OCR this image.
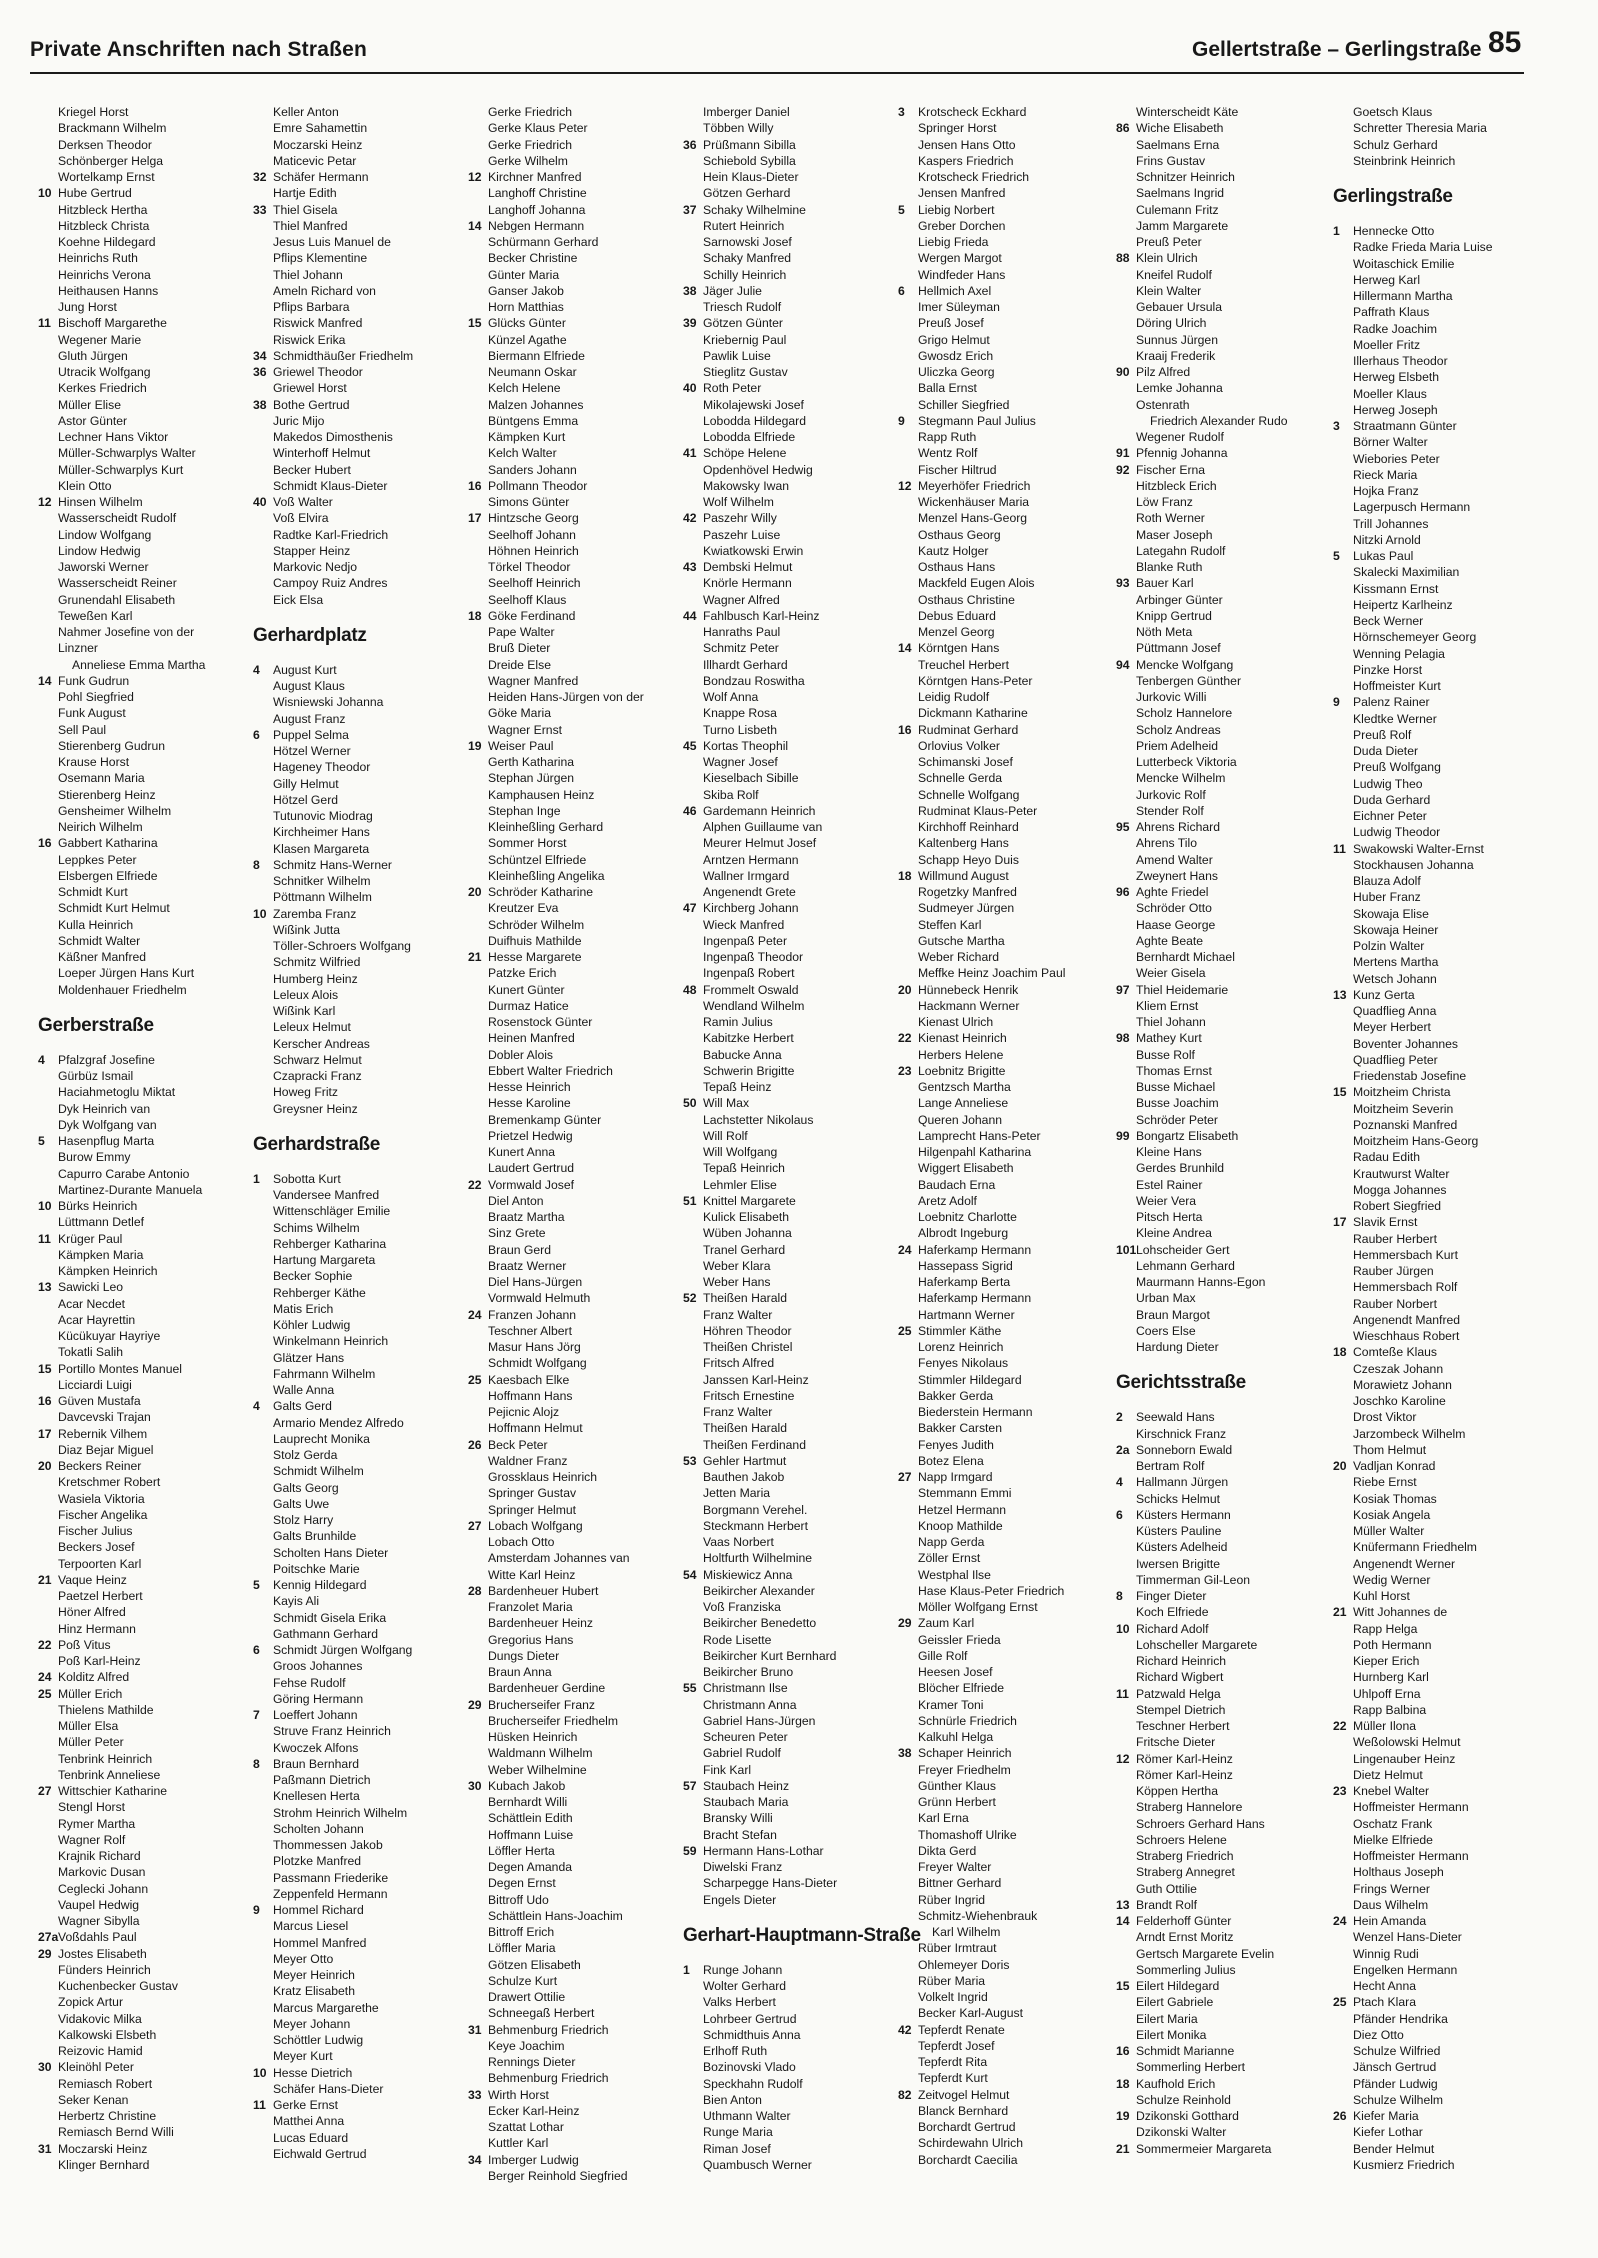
Private Anschriften nach Straßen	Gellertstraße – Gerlingstraße 85
Kriegel Horst
Brackmann Wilhelm
Derksen Theodor
Schönberger Helga
Wortelkamp Ernst
10 Hube Gertrud
Hitzbleck Hertha
Hitzbleck Christa
Koehne Hildegard
Heinrichs Ruth
Heinrichs Verona
Heithausen Hanns
Jung Horst
11 Bischoff Margarethe
Wegener Marie
Gluth Jürgen
Utracik Wolfgang
Kerkes Friedrich
Müller Elise
Astor Günter
Lechner Hans Viktor
Müller-Schwarplys Walter
Müller-Schwarplys Kurt
Klein Otto
12 Hinsen Wilhelm
Wasserscheidt Rudolf
Lindow Wolfgang
Lindow Hedwig
Jaworski Werner
Wasserscheidt Reiner
Grunendahl Elisabeth
Teweßen Karl
Nahmer Josefine von der
Linzner
Anneliese Emma Martha
14 Funk Gudrun
Pohl Siegfried
Funk August
Sell Paul
Stierenberg Gudrun
Krause Horst
Osemann Maria
Stierenberg Heinz
Gensheimer Wilhelm
Neirich Wilhelm
16 Gabbert Katharina
Leppkes Peter
Elsbergen Elfriede
Schmidt Kurt
Schmidt Kurt Helmut
Kulla Heinrich
Schmidt Walter
Käßner Manfred
Loeper Jürgen Hans Kurt
Moldenhauer Friedhelm
Gerberstraße
4 Pfalzgraf Josefine
Gürbüz Ismail
Haciahmetoglu Miktat
Dyk Heinrich van
Dyk Wolfgang van
5 Hasenpflug Marta
Burow Emmy
Capurro Carabe Antonio
Martinez-Durante Manuela
10 Bürks Heinrich
Lüttmann Detlef
11 Krüger Paul
Kämpken Maria
Kämpken Heinrich
13 Sawicki Leo
Acar Necdet
Acar Hayrettin
Kücükuyar Hayriye
Tokatli Salih
15 Portillo Montes Manuel
Licciardi Luigi
16 Güven Mustafa
Davcevski Trajan
17 Rebernik Vilhem
Diaz Bejar Miguel
20 Beckers Reiner
Kretschmer Robert
Wasiela Viktoria
Fischer Angelika
Fischer Julius
Beckers Josef
Terpoorten Karl
21 Vaque Heinz
Paetzel Herbert
Höner Alfred
Hinz Hermann
22 Poß Vitus
Poß Karl-Heinz
24 Kolditz Alfred
25 Müller Erich
Thielens Mathilde
Müller Elsa
Müller Peter
Tenbrink Heinrich
Tenbrink Anneliese
27 Wittschier Katharine
Stengl Horst
Rymer Martha
Wagner Rolf
Krajnik Richard
Markovic Dusan
Ceglecki Johann
Vaupel Hedwig
Wagner Sibylla
27a Voßdahls Paul
29 Jostes Elisabeth
Fünders Heinrich
Kuchenbecker Gustav
Zopick Artur
Vidakovic Milka
Kalkowski Elsbeth
Reizovic Hamid
30 Kleinöhl Peter
Remiasch Robert
Seker Kenan
Herbertz Christine
Remiasch Bernd Willi
31 Moczarski Heinz
Klinger Bernhard
Keller Anton
Emre Sahamettin
Moczarski Heinz
Maticevic Petar
32 Schäfer Hermann
Hartje Edith
33 Thiel Gisela
Thiel Manfred
Jesus Luis Manuel de
Pflips Klementine
Thiel Johann
Ameln Richard von
Pflips Barbara
Riswick Manfred
Riswick Erika
34 Schmidthäußer Friedhelm
36 Griewel Theodor
Griewel Horst
38 Bothe Gertrud
Juric Mijo
Makedos Dimosthenis
Winterhoff Helmut
Becker Hubert
Schmidt Klaus-Dieter
40 Voß Walter
Voß Elvira
Radtke Karl-Friedrich
Stapper Heinz
Markovic Nedjo
Campoy Ruiz Andres
Eick Elsa
Gerhardplatz
4 August Kurt
August Klaus
Wisniewski Johanna
August Franz
6 Puppel Selma
Hötzel Werner
Hageney Theodor
Gilly Helmut
Hötzel Gerd
Tutunovic Miodrag
Kirchheimer Hans
Klasen Margareta
8 Schmitz Hans-Werner
Schnitker Wilhelm
Pöttmann Wilhelm
10 Zaremba Franz
Wißink Jutta
Töller-Schroers Wolfgang
Schmitz Wilfried
Humberg Heinz
Leleux Alois
Wißink Karl
Leleux Helmut
Kerscher Andreas
Schwarz Helmut
Czapracki Franz
Howeg Fritz
Greysner Heinz
Gerhardstraße
1 Sobotta Kurt
Vandersee Manfred
Wittenschläger Emilie
Schims Wilhelm
Rehberger Katharina
Hartung Margareta
Becker Sophie
Rehberger Käthe
Matis Erich
Köhler Ludwig
Winkelmann Heinrich
Glätzer Hans
Fahrmann Wilhelm
Walle Anna
4 Galts Gerd
Armario Mendez Alfredo
Lauprecht Monika
Stolz Gerda
Schmidt Wilhelm
Galts Georg
Galts Uwe
Stolz Harry
Galts Brunhilde
Scholten Hans Dieter
Poitschke Marie
5 Kennig Hildegard
Kayis Ali
Schmidt Gisela Erika
Gathmann Gerhard
6 Schmidt Jürgen Wolfgang
Groos Johannes
Fehse Rudolf
Göring Hermann
7 Loeffert Johann
Struve Franz Heinrich
Kwoczek Alfons
8 Braun Bernhard
Paßmann Dietrich
Knellesen Herta
Strohm Heinrich Wilhelm
Scholten Johann
Thommessen Jakob
Plotzke Manfred
Passmann Friederike
Zeppenfeld Hermann
9 Hommel Richard
Marcus Liesel
Hommel Manfred
Meyer Otto
Meyer Heinrich
Kratz Elisabeth
Marcus Margarethe
Meyer Johann
Schöttler Ludwig
Meyer Kurt
10 Hesse Dietrich
Schäfer Hans-Dieter
11 Gerke Ernst
Matthei Anna
Lucas Eduard
Eichwald Gertrud
Gerke Friedrich
Gerke Klaus Peter
Gerke Friedrich
Gerke Wilhelm
12 Kirchner Manfred
Langhoff Christine
Langhoff Johanna
14 Nebgen Hermann
Schürmann Gerhard
Becker Christine
Günter Maria
Ganser Jakob
Horn Matthias
15 Glücks Günter
Künzel Agathe
Biermann Elfriede
Neumann Oskar
Kelch Helene
Malzen Johannes
Büntgens Emma
Kämpken Kurt
Kelch Walter
Sanders Johann
16 Pollmann Theodor
Simons Günter
17 Hintzsche Georg
Seelhoff Johann
Höhnen Heinrich
Törkel Theodor
Seelhoff Heinrich
Seelhoff Klaus
18 Göke Ferdinand
Pape Walter
Bruß Dieter
Dreide Else
Wagner Manfred
Heiden Hans-Jürgen von der
Göke Maria
Wagner Ernst
19 Weiser Paul
Gerth Katharina
Stephan Jürgen
Kamphausen Heinz
Stephan Inge
Kleinheßling Gerhard
Sommer Horst
Schüntzel Elfriede
Kleinheßling Angelika
20 Schröder Katharine
Kreutzer Eva
Schröder Wilhelm
Duifhuis Mathilde
21 Hesse Margarete
Patzke Erich
Kunert Günter
Durmaz Hatice
Rosenstock Günter
Heinen Manfred
Dobler Alois
Ebbert Walter Friedrich
Hesse Heinrich
Hesse Karoline
Bremenkamp Günter
Prietzel Hedwig
Kunert Anna
Laudert Gertrud
22 Vormwald Josef
Diel Anton
Braatz Martha
Sinz Grete
Braun Gerd
Braatz Werner
Diel Hans-Jürgen
Vormwald Helmuth
24 Franzen Johann
Teschner Albert
Masur Hans Jörg
Schmidt Wolfgang
25 Kaesbach Elke
Hoffmann Hans
Pejicnic Alojz
Hoffmann Helmut
26 Beck Peter
Waldner Franz
Grossklaus Heinrich
Springer Gustav
Springer Helmut
27 Lobach Wolfgang
Lobach Otto
Amsterdam Johannes van
Witte Karl Heinz
28 Bardenheuer Hubert
Franzolet Maria
Bardenheuer Heinz
Gregorius Hans
Dungs Dieter
Braun Anna
Bardenheuer Gerdine
29 Brucherseifer Franz
Brucherseifer Friedhelm
Hüsken Heinrich
Waldmann Wilhelm
Weber Wilhelmine
30 Kubach Jakob
Bernhardt Willi
Schättlein Edith
Hoffmann Luise
Löffler Herta
Degen Amanda
Degen Ernst
Bittroff Udo
Schättlein Hans-Joachim
Bittroff Erich
Löffler Maria
Götzen Elisabeth
Schulze Kurt
Drawert Ottilie
Schneegaß Herbert
31 Behmenburg Friedrich
Keye Joachim
Rennings Dieter
Behmenburg Friedrich
33 Wirth Horst
Ecker Karl-Heinz
Szattat Lothar
Kuttler Karl
34 Imberger Ludwig
Berger Reinhold Siegfried
Imberger Daniel
Többen Willy
36 Prüßmann Sibilla
Schiebold Sybilla
Hein Klaus-Dieter
Götzen Gerhard
37 Schaky Wilhelmine
Rutert Heinrich
Sarnowski Josef
Schaky Manfred
Schilly Heinrich
38 Jäger Julie
Triesch Rudolf
39 Götzen Günter
Kriebernig Paul
Pawlik Luise
Stieglitz Gustav
40 Roth Peter
Mikolajewski Josef
Lobodda Hildegard
Lobodda Elfriede
41 Schöpe Helene
Opdenhövel Hedwig
Makowsky Iwan
Wolf Wilhelm
42 Paszehr Willy
Paszehr Luise
Kwiatkowski Erwin
43 Dembski Helmut
Knörle Hermann
Wagner Alfred
44 Fahlbusch Karl-Heinz
Hanraths Paul
Schmitz Peter
Illhardt Gerhard
Bondzau Roswitha
Wolf Anna
Knappe Rosa
Turno Lisbeth
45 Kortas Theophil
Wagner Josef
Kieselbach Sibille
Skiba Rolf
46 Gardemann Heinrich
Alphen Guillaume van
Meurer Helmut Josef
Arntzen Hermann
Wallner Irmgard
Angenendt Grete
47 Kirchberg Johann
Wieck Manfred
Ingenpaß Peter
Ingenpaß Theodor
Ingenpaß Robert
48 Frommelt Oswald
Wendland Wilhelm
Ramin Julius
Kabitzke Herbert
Babucke Anna
Schwerin Brigitte
Tepaß Heinz
50 Will Max
Lachstetter Nikolaus
Will Rolf
Will Wolfgang
Tepaß Heinrich
Lehmler Elise
51 Knittel Margarete
Kulick Elisabeth
Wüben Johanna
Tranel Gerhard
Weber Klara
Weber Hans
52 Theißen Harald
Franz Walter
Höhren Theodor
Theißen Christel
Fritsch Alfred
Janssen Karl-Heinz
Fritsch Ernestine
Franz Walter
Theißen Harald
Theißen Ferdinand
53 Gehler Hartmut
Bauthen Jakob
Jetten Maria
Borgmann Verehel.
Steckmann Herbert
Vaas Norbert
Holtfurth Wilhelmine
54 Miskiewicz Anna
Beikircher Alexander
Voß Franziska
Beikircher Benedetto
Rode Lisette
Beikircher Kurt Bernhard
Beikircher Bruno
55 Christmann Ilse
Christmann Anna
Gabriel Hans-Jürgen
Scheuren Peter
Gabriel Rudolf
Fink Karl
57 Staubach Heinz
Staubach Maria
Bransky Willi
Bracht Stefan
59 Hermann Hans-Lothar
Diwelski Franz
Scharpegge Hans-Dieter
Engels Dieter
Gerhart-Hauptmann-Straße
1 Runge Johann
Wolter Gerhard
Valks Herbert
Lohrbeer Gertrud
Schmidthuis Anna
Erlhoff Ruth
Bozinovski Vlado
Speckhahn Rudolf
Bien Anton
Uthmann Walter
Runge Maria
Riman Josef
Quambusch Werner
3 Krotscheck Eckhard
Springer Horst
Jensen Hans Otto
Kaspers Friedrich
Krotscheck Friedrich
Jensen Manfred
5 Liebig Norbert
Greber Dorchen
Liebig Frieda
Wergen Margot
Windfeder Hans
6 Hellmich Axel
Imer Süleyman
Preuß Josef
Grigo Helmut
Gwosdz Erich
Uliczka Georg
Balla Ernst
Schiller Siegfried
9 Stegmann Paul Julius
Rapp Ruth
Wentz Rolf
Fischer Hiltrud
12 Meyerhöfer Friedrich
Wickenhäuser Maria
Menzel Hans-Georg
Osthaus Georg
Kautz Holger
Osthaus Hans
Mackfeld Eugen Alois
Osthaus Christine
Debus Eduard
Menzel Georg
14 Körntgen Hans
Treuchel Herbert
Körntgen Hans-Peter
Leidig Rudolf
Dickmann Katharine
16 Rudminat Gerhard
Orlovius Volker
Schimanski Josef
Schnelle Gerda
Schnelle Wolfgang
Rudminat Klaus-Peter
Kirchhoff Reinhard
Kaltenberg Hans
Schapp Heyo Duis
18 Willmund August
Rogetzky Manfred
Sudmeyer Jürgen
Steffen Karl
Gutsche Martha
Weber Richard
Meffke Heinz Joachim Paul
20 Hünnebeck Henrik
Hackmann Werner
Kienast Ulrich
22 Kienast Heinrich
Herbers Helene
23 Loebnitz Brigitte
Gentzsch Martha
Lange Anneliese
Queren Johann
Lamprecht Hans-Peter
Hilgenpahl Katharina
Wiggert Elisabeth
Baudach Erna
Aretz Adolf
Loebnitz Charlotte
Albrodt Ingeburg
24 Haferkamp Hermann
Hassepass Sigrid
Haferkamp Berta
Haferkamp Hermann
Hartmann Werner
25 Stimmler Käthe
Lorenz Heinrich
Fenyes Nikolaus
Stimmler Hildegard
Bakker Gerda
Biederstein Hermann
Bakker Carsten
Fenyes Judith
Botez Elena
27 Napp Irmgard
Stemmann Emmi
Hetzel Hermann
Knoop Mathilde
Napp Gerda
Zöller Ernst
Westphal Ilse
Hase Klaus-Peter Friedrich
Möller Wolfgang Ernst
29 Zaum Karl
Geissler Frieda
Gille Rolf
Heesen Josef
Blöcher Elfriede
Kramer Toni
Schnürle Friedrich
Kalkuhl Helga
38 Schaper Heinrich
Freyer Friedhelm
Günther Klaus
Grünn Herbert
Karl Erna
Thomashoff Ulrike
Dikta Gerd
Freyer Walter
Bittner Gerhard
Rüber Ingrid
Schmitz-Wiehenbrauk
Karl Wilhelm
Rüber Irmtraut
Ohlemeyer Doris
Rüber Maria
Volkelt Ingrid
Becker Karl-August
42 Tepferdt Renate
Tepferdt Josef
Tepferdt Rita
Tepferdt Kurt
82 Zeitvogel Helmut
Blanck Bernhard
Borchardt Gertrud
Schirdewahn Ulrich
Borchardt Caecilia
Winterscheidt Käte
86 Wiche Elisabeth
Saelmans Erna
Frins Gustav
Schnitzer Heinrich
Saelmans Ingrid
Culemann Fritz
Jamm Margarete
Preuß Peter
88 Klein Ulrich
Kneifel Rudolf
Klein Walter
Gebauer Ursula
Döring Ulrich
Sunnus Jürgen
Kraaij Frederik
90 Pilz Alfred
Lemke Johanna
Ostenrath
Friedrich Alexander Rudo
Wegener Rudolf
91 Pfennig Johanna
92 Fischer Erna
Hitzbleck Erich
Löw Franz
Roth Werner
Maser Joseph
Lategahn Rudolf
Blanke Ruth
93 Bauer Karl
Arbinger Günter
Knipp Gertrud
Nöth Meta
Püttmann Josef
94 Mencke Wolfgang
Tenbergen Günther
Jurkovic Willi
Scholz Hannelore
Scholz Andreas
Priem Adelheid
Lutterbeck Viktoria
Mencke Wilhelm
Jurkovic Rolf
Stender Rolf
95 Ahrens Richard
Ahrens Tilo
Amend Walter
Zweynert Hans
96 Aghte Friedel
Schröder Otto
Haase George
Aghte Beate
Bernhardt Michael
Weier Gisela
97 Thiel Heidemarie
Kliem Ernst
Thiel Johann
98 Mathey Kurt
Busse Rolf
Thomas Ernst
Busse Michael
Busse Joachim
Schröder Peter
99 Bongartz Elisabeth
Kleine Hans
Gerdes Brunhild
Estel Rainer
Weier Vera
Pitsch Herta
Kleine Andrea
101 Lohscheider Gert
Lehmann Gerhard
Maurmann Hanns-Egon
Urban Max
Braun Margot
Coers Else
Hardung Dieter
Gerichtsstraße
2 Seewald Hans
Kirschnick Franz
2a Sonneborn Ewald
Bertram Rolf
4 Hallmann Jürgen
Schicks Helmut
6 Küsters Hermann
Küsters Pauline
Küsters Adelheid
Iwersen Brigitte
Timmerman Gil-Leon
8 Finger Dieter
Koch Elfriede
10 Richard Adolf
Lohscheller Margarete
Richard Heinrich
Richard Wigbert
11 Patzwald Helga
Stempel Dietrich
Teschner Herbert
Fritsche Dieter
12 Römer Karl-Heinz
Römer Karl-Heinz
Köppen Hertha
Straberg Hannelore
Schroers Gerhard Hans
Schroers Helene
Straberg Friedrich
Straberg Annegret
Guth Ottilie
13 Brandt Rolf
14 Felderhoff Günter
Arndt Ernst Moritz
Gertsch Margarete Evelin
Sommerling Julius
15 Eilert Hildegard
Eilert Gabriele
Eilert Maria
Eilert Monika
16 Schmidt Marianne
Sommerling Herbert
18 Kaufhold Erich
Schulze Reinhold
19 Dzikonski Gotthard
Dzikonski Walter
21 Sommermeier Margareta
Goetsch Klaus
Schretter Theresia Maria
Schulz Gerhard
Steinbrink Heinrich
Gerlingstraße
1 Hennecke Otto
Radke Frieda Maria Luise
Woitaschick Emilie
Herweg Karl
Hillermann Martha
Paffrath Klaus
Radke Joachim
Moeller Fritz
Illerhaus Theodor
Herweg Elsbeth
Moeller Klaus
Herweg Joseph
3 Straatmann Günter
Börner Walter
Wiebories Peter
Rieck Maria
Hojka Franz
Lagerpusch Hermann
Trill Johannes
Nitzki Arnold
5 Lukas Paul
Skalecki Maximilian
Kissmann Ernst
Heipertz Karlheinz
Beck Werner
Hörnschemeyer Georg
Wenning Pelagia
Pinzke Horst
Hoffmeister Kurt
9 Palenz Rainer
Kledtke Werner
Preuß Rolf
Duda Dieter
Preuß Wolfgang
Ludwig Theo
Duda Gerhard
Eichner Peter
Ludwig Theodor
11 Swakowski Walter-Ernst
Stockhausen Johanna
Blauza Adolf
Huber Franz
Skowaja Elise
Skowaja Heiner
Polzin Walter
Mertens Martha
Wetsch Johann
13 Kunz Gerta
Quadflieg Anna
Meyer Herbert
Boventer Johannes
Quadflieg Peter
Friedenstab Josefine
15 Moitzheim Christa
Moitzheim Severin
Poznanski Manfred
Moitzheim Hans-Georg
Radau Edith
Krautwurst Walter
Mogga Johannes
Robert Siegfried
17 Slavik Ernst
Rauber Herbert
Hemmersbach Kurt
Rauber Jürgen
Hemmersbach Rolf
Rauber Norbert
Angenendt Manfred
Wieschhaus Robert
18 Comteße Klaus
Czeszak Johann
Morawietz Johann
Joschko Karoline
Drost Viktor
Jarzombeck Wilhelm
Thom Helmut
20 Vadljan Konrad
Riebe Ernst
Kosiak Thomas
Kosiak Angela
Müller Walter
Knüfermann Friedhelm
Angenendt Werner
Wedig Werner
Kuhl Horst
21 Witt Johannes de
Rapp Helga
Poth Hermann
Kieper Erich
Hurnberg Karl
Uhlpoff Erna
Rapp Balbina
22 Müller Ilona
Weßolowski Helmut
Lingenauber Heinz
Dietz Helmut
23 Knebel Walter
Hoffmeister Hermann
Oschatz Frank
Mielke Elfriede
Hoffmeister Hermann
Holthaus Joseph
Frings Werner
Daus Wilhelm
24 Hein Amanda
Wenzel Hans-Dieter
Winnig Rudi
Engelken Hermann
Hecht Anna
25 Ptach Klara
Pfänder Hendrika
Diez Otto
Schulze Wilfried
Jänsch Gertrud
Pfänder Ludwig
Schulze Wilhelm
26 Kiefer Maria
Kiefer Lothar
Bender Helmut
Kusmierz Friedrich
